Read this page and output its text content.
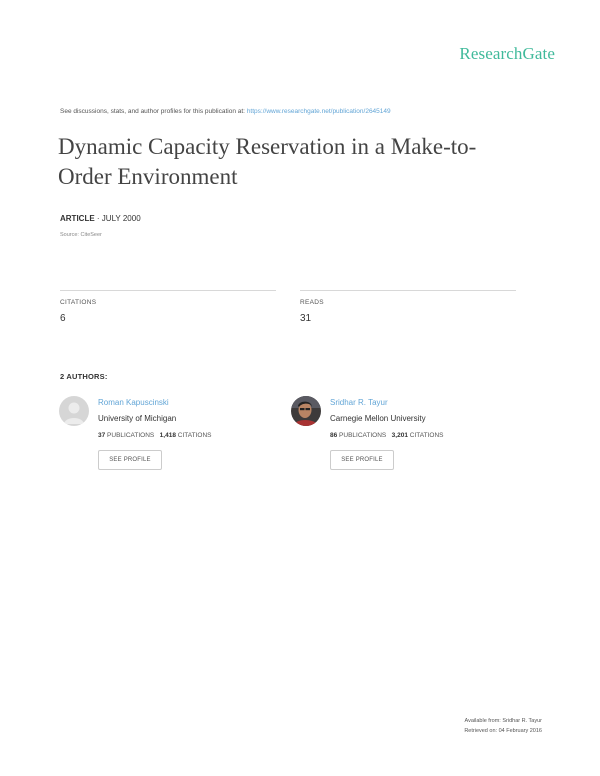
ResearchGate
See discussions, stats, and author profiles for this publication at: https://www.researchgate.net/publication/2645149
Dynamic Capacity Reservation in a Make-to-Order Environment
ARTICLE · JULY 2000
Source: CiteSeer
CITATIONS
6
READS
31
2 AUTHORS:
Roman Kapuscinski
University of Michigan
37 PUBLICATIONS 1,418 CITATIONS
SEE PROFILE
Sridhar R. Tayur
Carnegie Mellon University
86 PUBLICATIONS 3,201 CITATIONS
SEE PROFILE
Available from: Sridhar R. Tayur
Retrieved on: 04 February 2016
